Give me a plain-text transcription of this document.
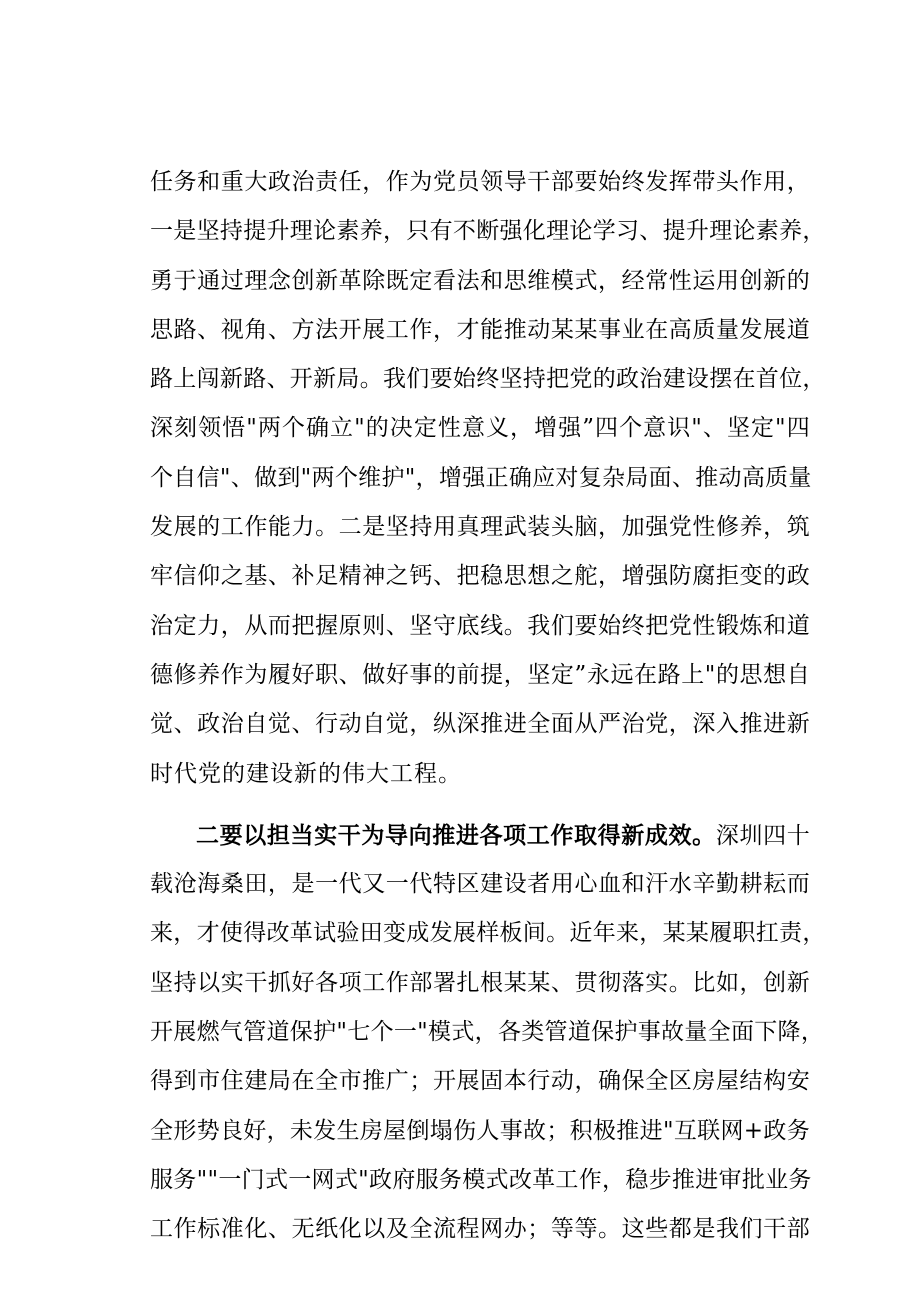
任务和重大政治责任，作为党员领导干部要始终发挥带头作用，
一是坚持提升理论素养，只有不断强化理论学习、提升理论素养，
勇于通过理念创新革除既定看法和思维模式，经常性运用创新的
思路、视角、方法开展工作，才能推动某某事业在高质量发展道
路上闯新路、开新局。我们要始终坚持把党的政治建设摆在首位，
深刻领悟"两个确立"的决定性意义，增强”四个意识"、坚定"四
个自信"、做到"两个维护"，增强正确应对复杂局面、推动高质量
发展的工作能力。二是坚持用真理武装头脑，加强党性修养，筑
牢信仰之基、补足精神之钙、把稳思想之舵，增强防腐拒变的政
治定力，从而把握原则、坚守底线。我们要始终把党性锻炼和道
德修养作为履好职、做好事的前提，坚定”永远在路上"的思想自
觉、政治自觉、行动自觉，纵深推进全面从严治党，深入推进新
时代党的建设新的伟大工程。
二要以担当实干为导向推进各项工作取得新成效。深圳四十
载沧海桑田，是一代又一代特区建设者用心血和汗水辛勤耕耘而
来，才使得改革试验田变成发展样板间。近年来，某某履职扛责，
坚持以实干抓好各项工作部署扎根某某、贯彻落实。比如，创新
开展燃气管道保护"七个一"模式，各类管道保护事故量全面下降，
得到市住建局在全市推广；开展固本行动，确保全区房屋结构安
全形势良好，未发生房屋倒塌伤人事故；积极推进"互联网+政务
服务""一门式一网式"政府服务模式改革工作，稳步推进审批业务
工作标准化、无纸化以及全流程网办；等等。这些都是我们干部
